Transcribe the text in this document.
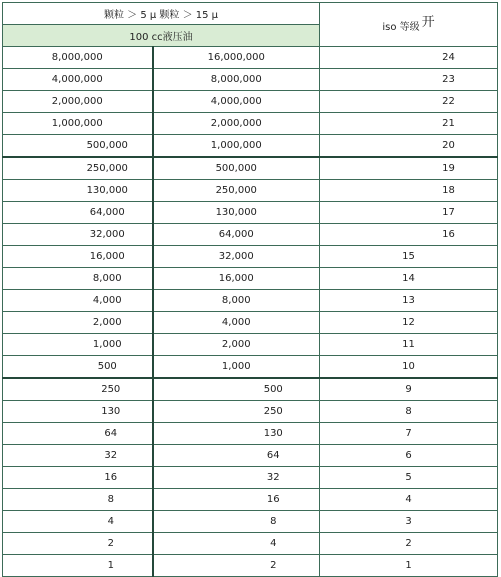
颗粒 ＞ 5 μ 颗粒 ＞ 15 μ		iso 等级 开
100 cc液压油		
8,000,000	16,000,000	24
4,000,000	8,000,000	23
2,000,000	4,000,000	22
1,000,000	2,000,000	21
500,000	1,000,000	20
250,000	500,000	19
130,000	250,000	18
64,000	130,000	17
32,000	64,000	16
16,000	32,000	15
8,000	16,000	14
4,000	8,000	13
2,000	4,000	12
1,000	2,000	11
500	1,000	10
250	500	9
130	250	8
64	130	7
32	64	6
16	32	5
8	16	4
4	8	3
2	4	2
1	2	1
